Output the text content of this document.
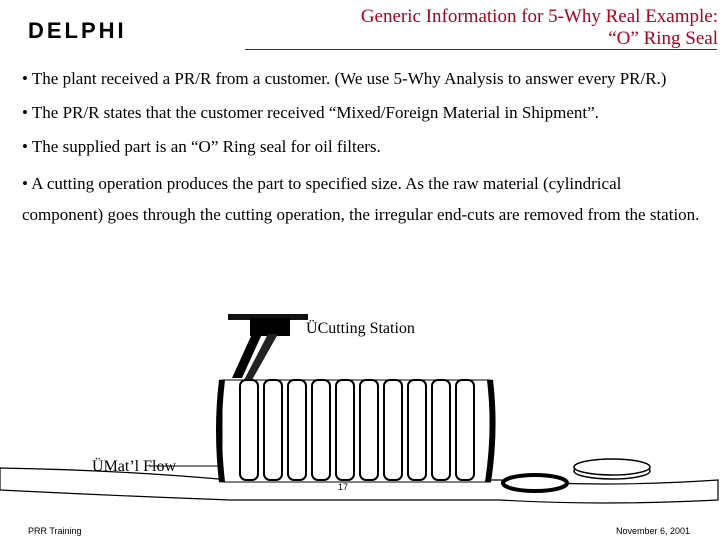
DELPHI
Generic Information for 5-Why Real Example:
“O” Ring Seal
• The plant received a PR/R from a customer. (We use 5-Why Analysis to answer every PR/R.)
• The PR/R states that the customer received “Mixed/Foreign Material in Shipment”.
• The supplied part is an “O” Ring seal for oil filters.
• A cutting operation produces the part to specified size. As the raw material (cylindrical component) goes through the cutting operation, the irregular end-cuts are removed from the station.
ÜCutting Station
ÜMat’l Flow
17
PRR Training	November 6, 2001
